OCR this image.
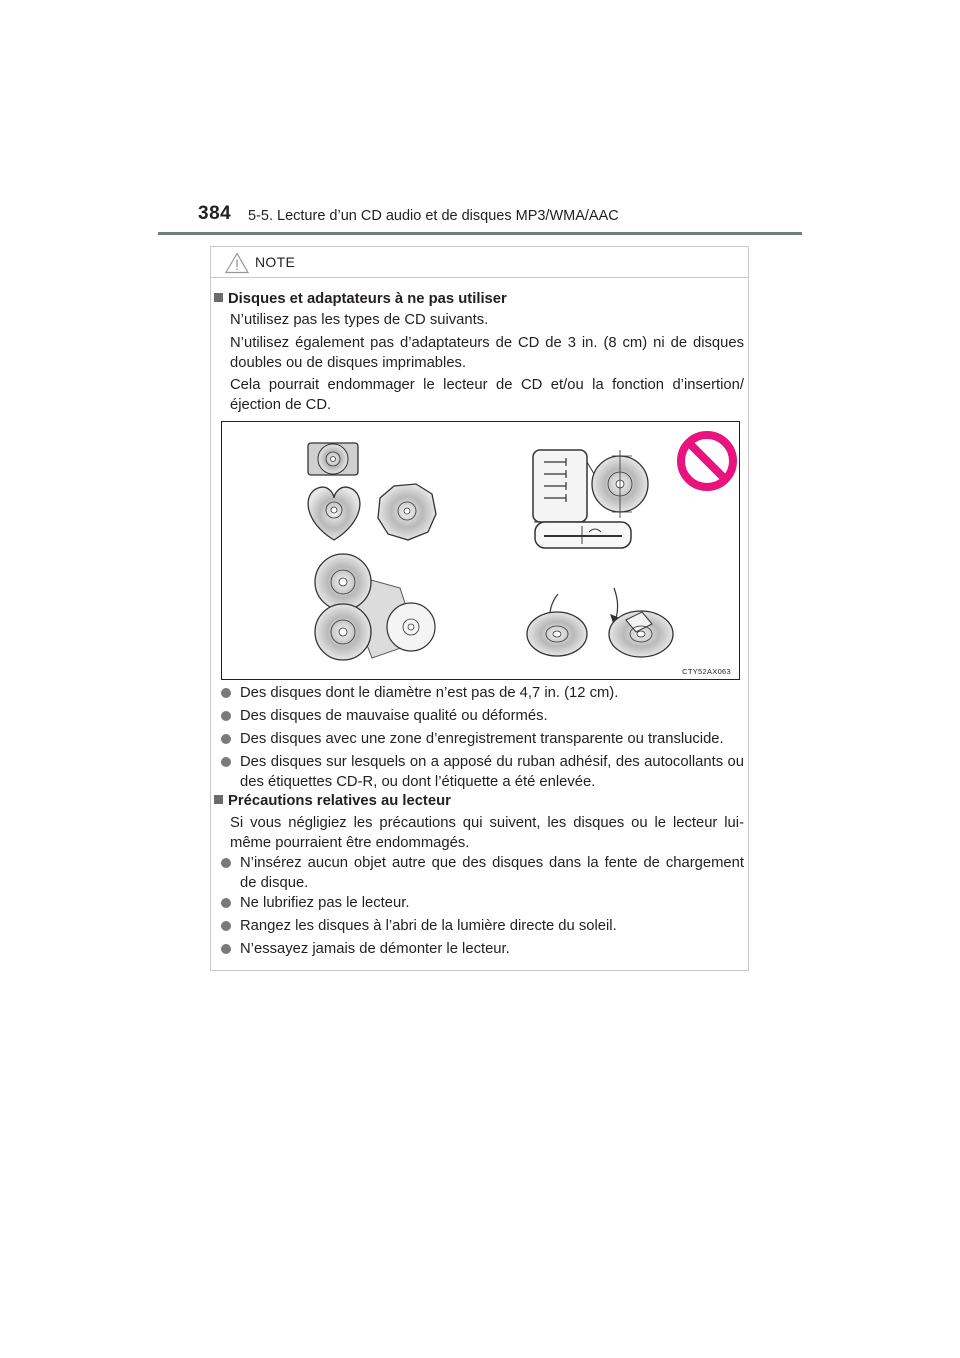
384 5-5. Lecture d’un CD audio et de disques MP3/WMA/AAC
NOTE
Disques et adaptateurs à ne pas utiliser
N’utilisez pas les types de CD suivants.
N’utilisez également pas d’adaptateurs de CD de 3 in. (8 cm) ni de disques doubles ou de disques imprimables.
Cela pourrait endommager le lecteur de CD et/ou la fonction d’insertion/ éjection de CD.
CTY52AX063
Des disques dont le diamètre n’est pas de 4,7 in. (12 cm).
Des disques de mauvaise qualité ou déformés.
Des disques avec une zone d’enregistrement transparente ou translucide.
Des disques sur lesquels on a apposé du ruban adhésif, des autocollants ou des étiquettes CD-R, ou dont l’étiquette a été enlevée.
Précautions relatives au lecteur
Si vous négligiez les précautions qui suivent, les disques ou le lecteur lui-même pourraient être endommagés.
N’insérez aucun objet autre que des disques dans la fente de chargement de disque.
Ne lubrifiez pas le lecteur.
Rangez les disques à l’abri de la lumière directe du soleil.
N’essayez jamais de démonter le lecteur.
